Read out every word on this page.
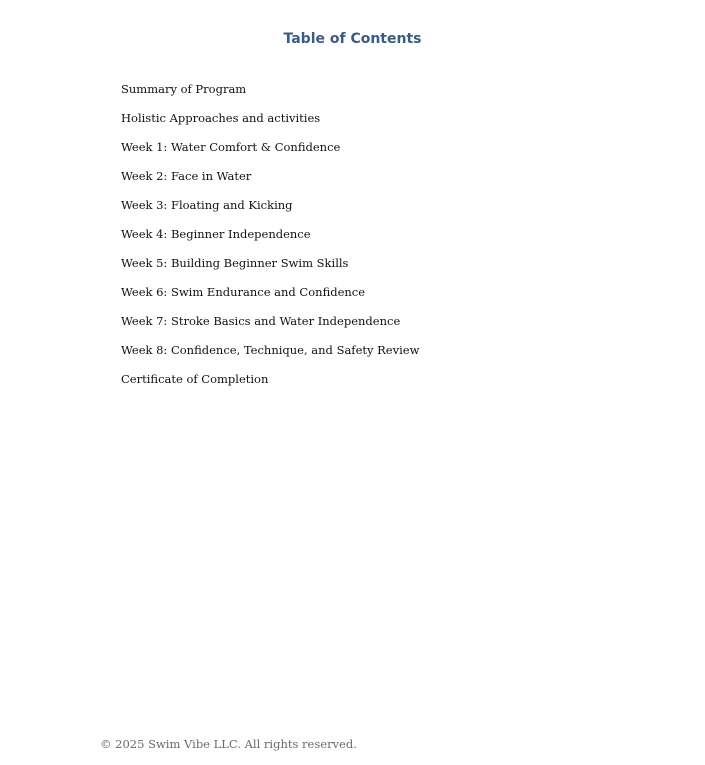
Table of Contents
Summary of Program
Holistic Approaches and activities
Week 1: Water Comfort & Confidence
Week 2: Face in Water
Week 3: Floating and Kicking
Week 4: Beginner Independence
Week 5: Building Beginner Swim Skills
Week 6: Swim Endurance and Confidence
Week 7: Stroke Basics and Water Independence
Week 8: Confidence, Technique, and Safety Review
Certificate of Completion
© 2025 Swim Vibe LLC. All rights reserved.
